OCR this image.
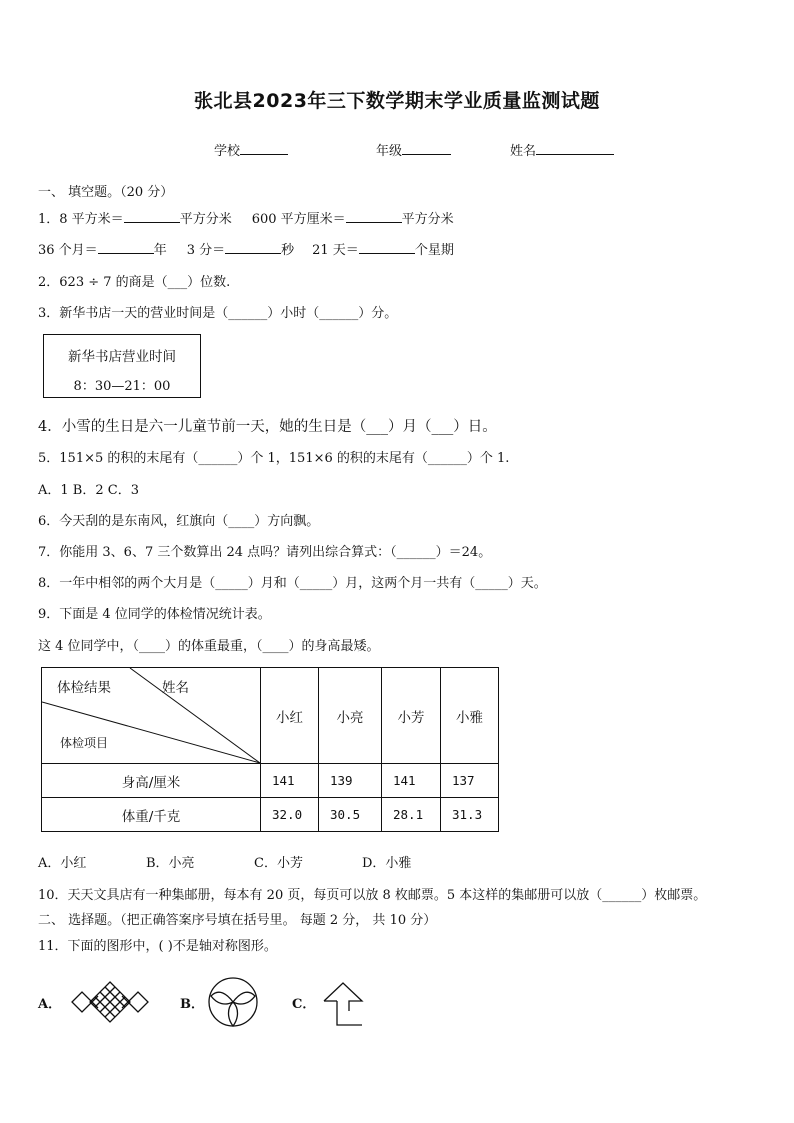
张北县2023年三下数学期末学业质量监测试题
学校	年级	姓名
一、 填空题。（20 分）
1．8 平方米＝	平方分米 600 平方厘米＝	平方分米
36 个月＝	年 3 分＝	秒 21 天＝	个星期
2．623 ÷ 7 的商是（___）位数.
3．新华书店一天的营业时间是（______）小时（______）分。
新华书店营业时间
8：30—21：00
4．小雪的生日是六一儿童节前一天，她的生日是（___）月（___）日。
5．151×5 的积的末尾有（______）个 1，151×6 的积的末尾有（______）个 1.
A．1 B．2 C．3
6．今天刮的是东南风，红旗向（____）方向飘。
7．你能用 3、6、7 三个数算出 24 点吗？请列出综合算式：（______）＝24。
8．一年中相邻的两个大月是（_____）月和（_____）月，这两个月一共有（_____）天。
9．下面是 4 位同学的体检情况统计表。
这 4 位同学中，（____）的体重最重，（____）的身高最矮。
体检结果 姓名
体检项目	小红	小亮	小芳	小雅
身高/厘米	141	139	141	137
体重/千克	32.0	30.5	28.1	31.3
A．小红	B．小亮	C．小芳	D．小雅
10．天天文具店有一种集邮册，每本有 20 页，每页可以放 8 枚邮票。5 本这样的集邮册可以放（______）枚邮票。
二、 选择题。（把正确答案序号填在括号里。 每题 2 分， 共 10 分）
11．下面的图形中，( )不是轴对称图形。
A．	B．	C．
